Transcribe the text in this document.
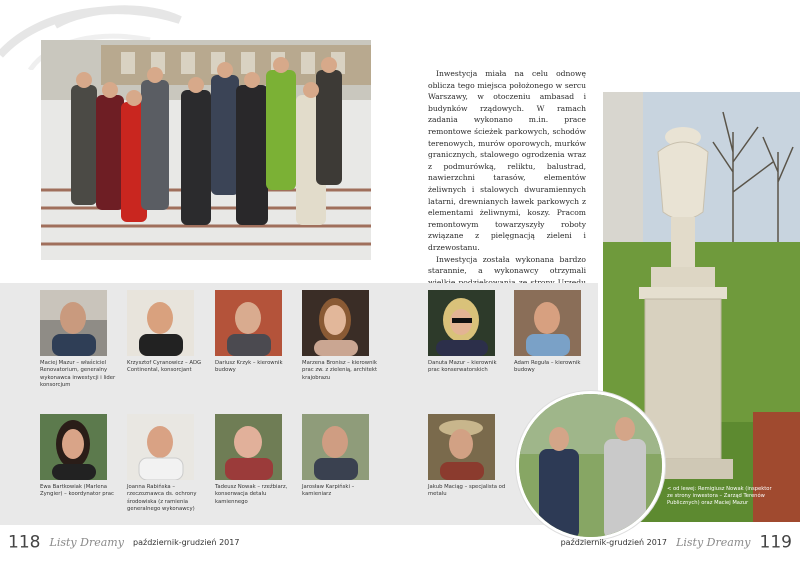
Inwestycja miała na celu odnowę oblicza tego miejsca położonego w sercu Warszawy, w otoczeniu ambasad i budynków rządowych. W ramach zadania wykonano m.in. prace remontowe ścieżek parkowych, schodów terenowych, murów oporowych, murków granicznych, stalowego ogrodzenia wraz z podmurówką, reliktu, balustrad, nawierzchni tarasów, elementów żeliwnych i stalowych dwuramiennych latarni, drewnianych ławek parkowych z elementami żeliwnymi, koszy. Pracom remontowym towarzyszyły roboty związane z pielęgnacją zieleni i drzewostanu.

Inwestycja została wykonana bardzo starannie, a wykonawcy otrzymali

Maciej Mazur – właściciel Renovatorium, generalny wykonawca inwestycji i lider konsorcjum
Krzysztof Cyranowicz – ADG Continental, konsorcjant
Dariusz Krzyk – kierownik budowy
Marzena Bronisz – kierownik prac zw. z zielenią, architekt krajobrazu
Danuta Mazur – kierownik prac konserwatorskich
Adam Reguła – kierownik budowy
Ewa Bartkowiak (Marlena Zyngier) – koordynator prac
Joanna Rabińska – rzeczoznawca ds. ochrony środowiska (z ramienia generalnego wykonawcy)
Tadeusz Nowak – rzeźbiarz, konserwacja detalu kamiennego
Jarosław Karpiński – kamieniarz
Jakub Maciąg – specjalista od metalu
< od lewej: Remigiusz Nowak (inspektor ze strony inwestora – Zarząd Terenów Publicznych) oraz Maciej Mazur
118 Listy Dreamy październik-grudzień 2017	październik-grudzień 2017 Listy Dreamy 119
